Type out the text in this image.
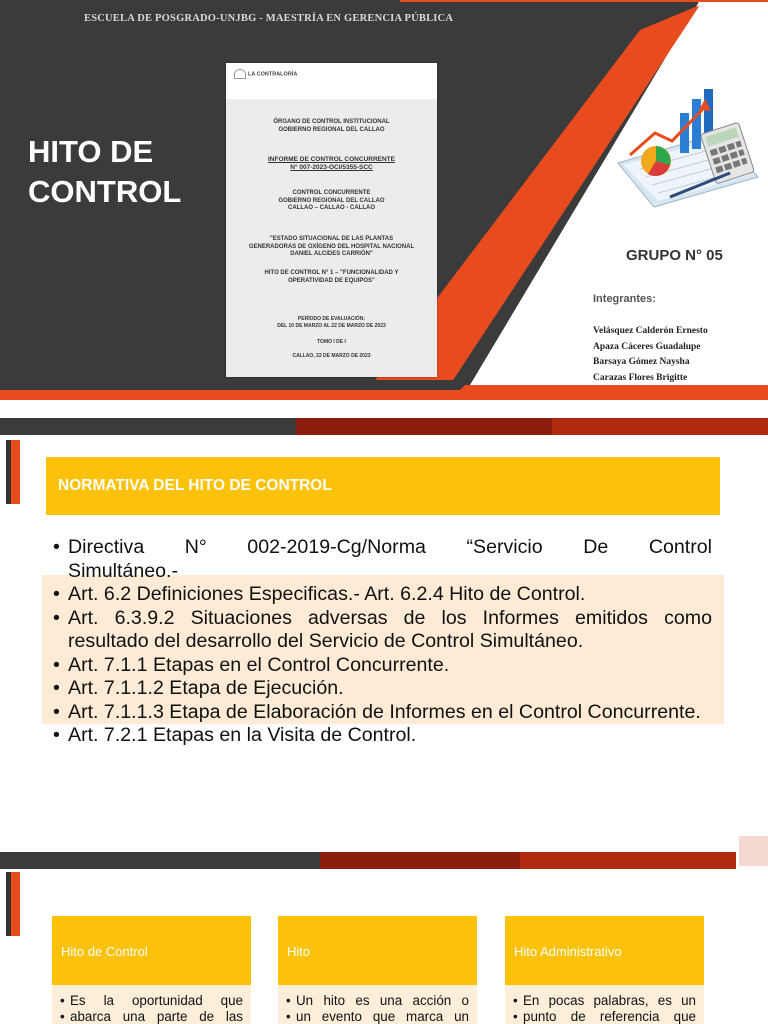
ESCUELA DE POSGRADO-UNJBG - MAESTRÍA EN GERENCIA PÚBLICA
HITO DE
CONTROL
LA CONTRALORÍA
ÓRGANO DE CONTROL INSTITUCIONAL
GOBIERNO REGIONAL DEL CALLAO
INFORME DE CONTROL CONCURRENTE
N° 007-2023-OCI/5355-SCC
CONTROL CONCURRENTE
GOBIERNO REGIONAL DEL CALLAO
CALLAO – CALLAO - CALLAO
"ESTADO SITUACIONAL DE LAS PLANTAS
GENERADORAS DE OXÍGENO DEL HOSPITAL NACIONAL
DANIEL ALCIDES CARRIÓN"
HITO DE CONTROL N° 1 – "FUNCIONALIDAD Y
OPERATIVIDAD DE EQUIPOS"
PERÍODO DE EVALUACIÓN:
DEL 10 DE MARZO AL 22 DE MARZO DE 2023
TOMO I DE I
CALLAO, 22 DE MARZO DE 2023
GRUPO N° 05
Integrantes:
Velásquez Calderón Ernesto
Apaza Cáceres Guadalupe
Barsaya Gómez Naysha
Carazas Flores Brigitte
NORMATIVA DEL HITO DE CONTROL
• Directiva N° 002-2019-Cg/Norma “Servicio De Control
Simultáneo.-
• Art. 6.2 Definiciones Especificas.- Art. 6.2.4 Hito de Control.
• Art. 6.3.9.2 Situaciones adversas de los Informes emitidos como resultado del desarrollo del Servicio de Control Simultáneo.
• Art. 7.1.1 Etapas en el Control Concurrente.
• Art. 7.1.1.2 Etapa de Ejecución.
• Art. 7.1.1.3 Etapa de Elaboración de Informes en el Control Concurrente.
• Art. 7.2.1 Etapas en la Visita de Control.
Hito de Control

• Es la oportunidad que

• abarca una parte de las

Hito

• Un hito es una acción o

• un evento que marca un

Hito Administrativo

• En pocas palabras, es un

• punto de referencia que
